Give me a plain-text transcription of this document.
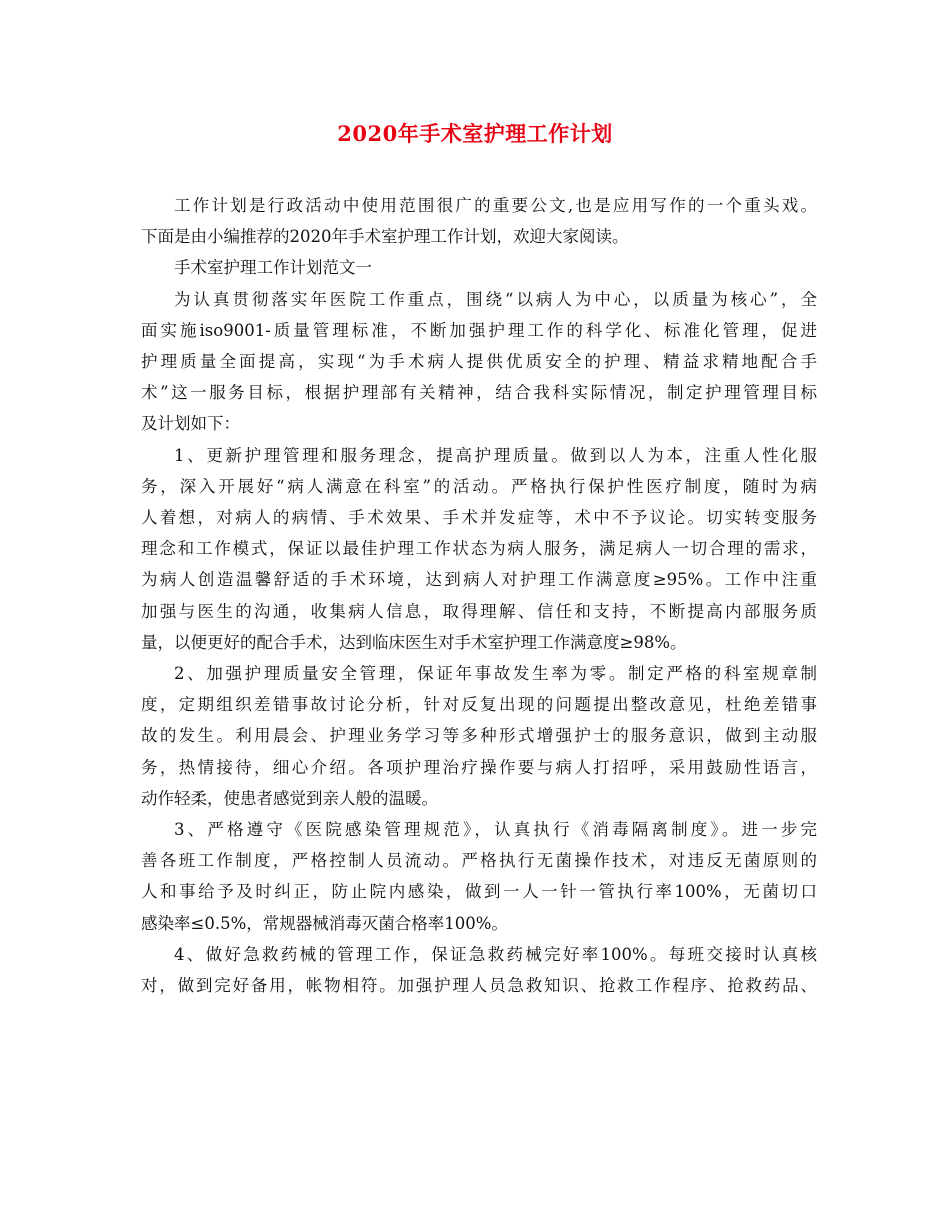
2020年手术室护理工作计划
工作计划是行政活动中使用范围很广的重要公文,也是应用写作的一个重头戏。
下面是由小编推荐的2020年手术室护理工作计划，欢迎大家阅读。
手术室护理工作计划范文一
为认真贯彻落实年医院工作重点，围绕“以病人为中心，以质量为核心”，全
面实施iso9001-质量管理标准，不断加强护理工作的科学化、标准化管理，促进
护理质量全面提高，实现“为手术病人提供优质安全的护理、精益求精地配合手
术”这一服务目标，根据护理部有关精神，结合我科实际情况，制定护理管理目标
及计划如下：
1、更新护理管理和服务理念，提高护理质量。做到以人为本，注重人性化服
务，深入开展好“病人满意在科室”的活动。严格执行保护性医疗制度，随时为病
人着想，对病人的病情、手术效果、手术并发症等，术中不予议论。切实转变服务
理念和工作模式，保证以最佳护理工作状态为病人服务，满足病人一切合理的需求，
为病人创造温馨舒适的手术环境，达到病人对护理工作满意度≥95%。工作中注重
加强与医生的沟通，收集病人信息，取得理解、信任和支持，不断提高内部服务质
量，以便更好的配合手术，达到临床医生对手术室护理工作满意度≥98%。
2、加强护理质量安全管理，保证年事故发生率为零。制定严格的科室规章制
度，定期组织差错事故讨论分析，针对反复出现的问题提出整改意见，杜绝差错事
故的发生。利用晨会、护理业务学习等多种形式增强护士的服务意识，做到主动服
务，热情接待，细心介绍。各项护理治疗操作要与病人打招呼，采用鼓励性语言，
动作轻柔，使患者感觉到亲人般的温暖。
3、严格遵守《医院感染管理规范》，认真执行《消毒隔离制度》。进一步完
善各班工作制度，严格控制人员流动。严格执行无菌操作技术，对违反无菌原则的
人和事给予及时纠正，防止院内感染，做到一人一针一管执行率100%，无菌切口
感染率≤0.5%，常规器械消毒灭菌合格率100%。
4、做好急救药械的管理工作，保证急救药械完好率100%。每班交接时认真核
对，做到完好备用，帐物相符。加强护理人员急救知识、抢救工作程序、抢救药品、
